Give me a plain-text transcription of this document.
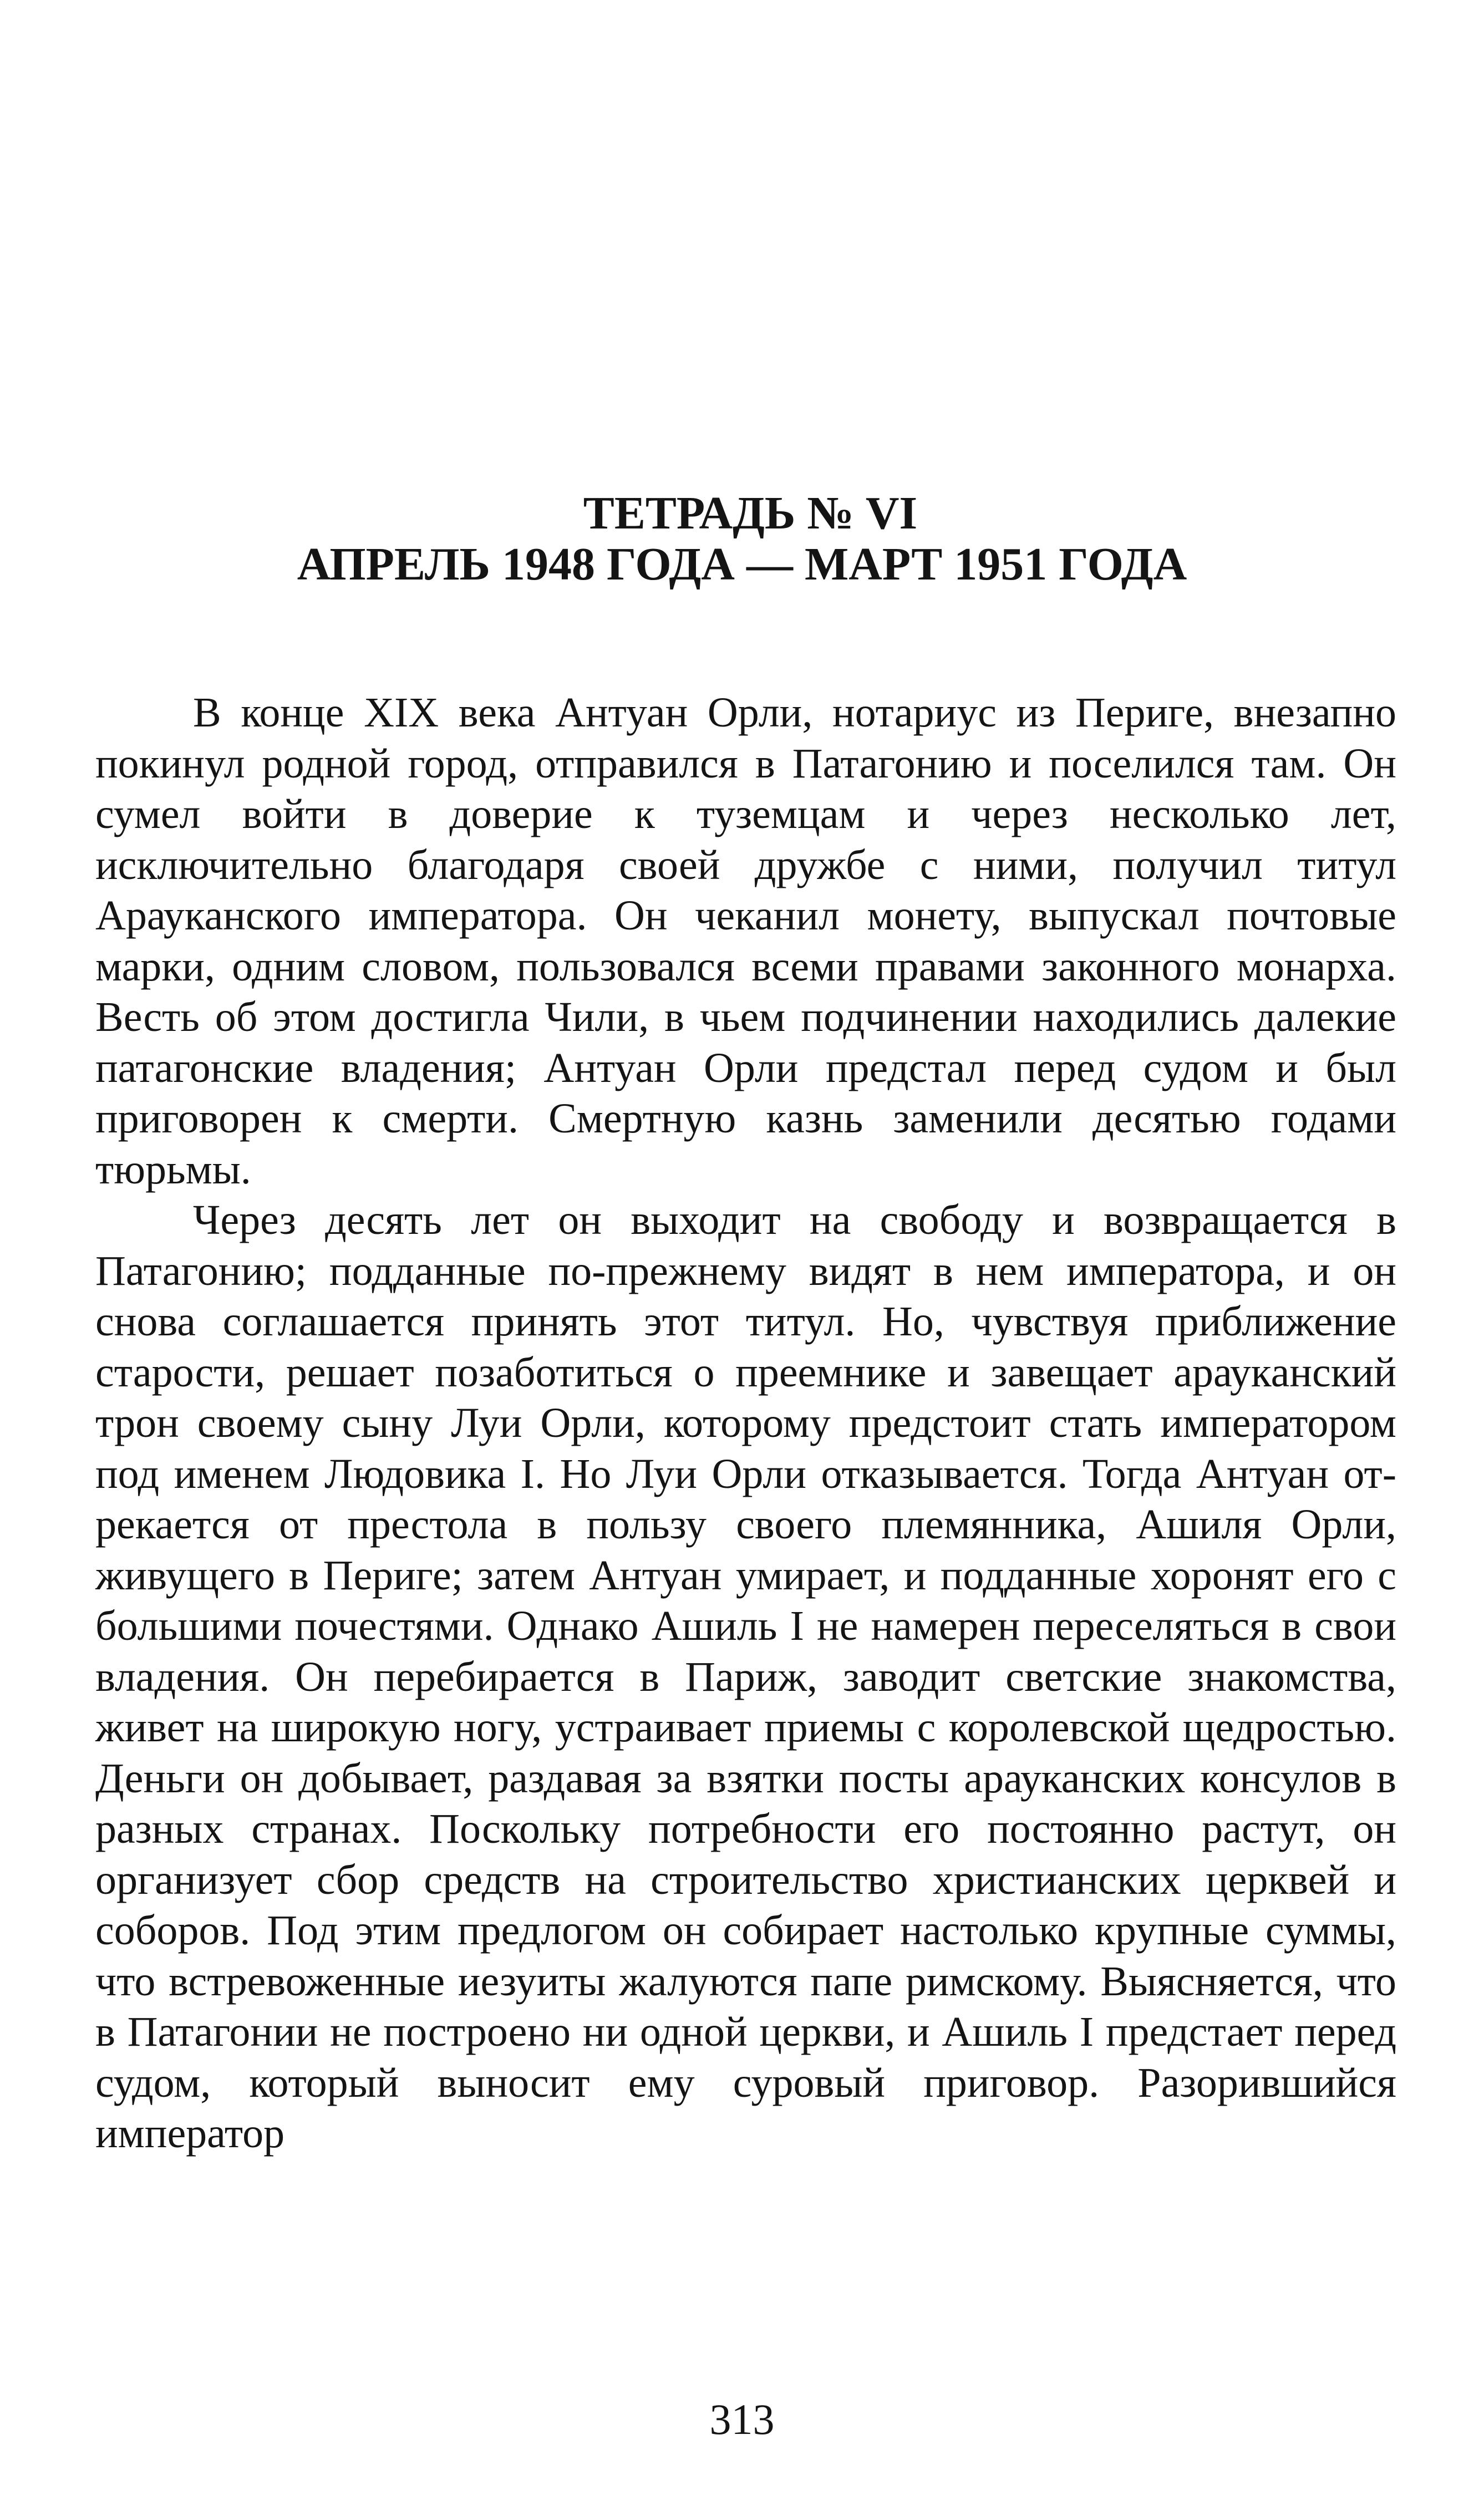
ТЕТРАДЬ № VI
АПРЕЛЬ 1948 ГОДА — МАРТ 1951 ГОДА

В конце XIX века Антуан Орли, нотариус из Периге, внезапно покинул родной город, отправился в Патагонию и поселился там. Он сумел войти в доверие к туземцам и через несколько лет, исключительно благодаря своей дружбе с ними, получил титул Арауканского императора. Он чеканил монету, выпускал почтовые марки, одним словом, пользовался всеми правами законного монарха. Весть об этом достигла Чили, в чьем подчинении находились далекие патагонские владения; Антуан Орли предстал перед судом и был приговорен к смерти. Смертную казнь заменили десятью годами тюрьмы.

Через десять лет он выходит на свободу и возвращается в Патагонию; подданные по-прежнему видят в нем императора, и он снова соглашается принять этот титул. Но, чувствуя приближение старости, решает позаботиться о преемнике и завещает арауканский трон своему сыну Луи Орли, которому предстоит стать императором под именем Людовика I. Но Луи Орли отказывается. Тогда Антуан отрекается от престола в пользу своего племянника, Ашиля Орли, живущего в Периге; затем Антуан умирает, и подданные хоронят его с большими почестями. Однако Ашиль I не намерен переселяться в свои владения. Он перебирается в Париж, заводит светские знакомства, живет на широкую ногу, устраивает приемы с королевской щедростью. Деньги он добывает, раздавая за взятки посты арауканских консулов в разных странах. Поскольку потребности его постоянно растут, он организует сбор средств на строительство христианских церквей и соборов. Под этим предлогом он собирает настолько крупные суммы, что встревоженные иезуиты жалуются папе римскому. Выясняется, что в Патагонии не построено ни одной церкви, и Ашиль I предстает перед судом, который выносит ему суровый приговор. Разорившийся император

313
